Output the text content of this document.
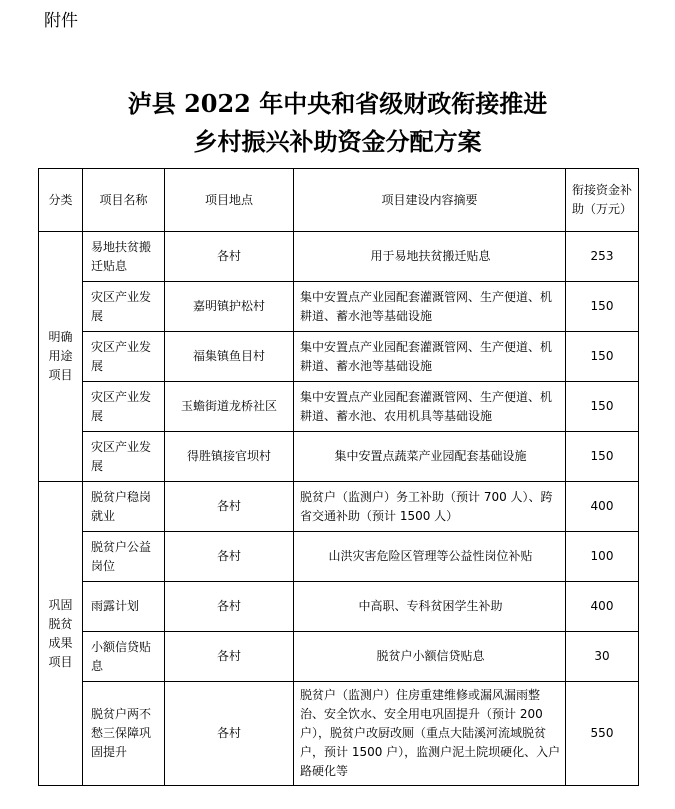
附件
泸县 2022 年中央和省级财政衔接推进
乡村振兴补助资金分配方案
分类	项目名称	项目地点	项目建设内容摘要	衔接资金补助（万元）
明确用途项目	易地扶贫搬迁贴息	各村	用于易地扶贫搬迁贴息	253
	灾区产业发展	嘉明镇护松村	集中安置点产业园配套灌溉管网、生产便道、机耕道、蓄水池等基础设施	150
	灾区产业发展	福集镇鱼目村	集中安置点产业园配套灌溉管网、生产便道、机耕道、蓄水池等基础设施	150
	灾区产业发展	玉蟾街道龙桥社区	集中安置点产业园配套灌溉管网、生产便道、机耕道、蓄水池、农用机具等基础设施	150
	灾区产业发展	得胜镇接官坝村	集中安置点蔬菜产业园配套基础设施	150
巩固脱贫成果项目	脱贫户稳岗就业	各村	脱贫户（监测户）务工补助（预计 700 人）、跨省交通补助（预计 1500 人）	400
	脱贫户公益岗位	各村	山洪灾害危险区管理等公益性岗位补贴	100
	雨露计划	各村	中高职、专科贫困学生补助	400
	小额信贷贴息	各村	脱贫户小额信贷贴息	30
	脱贫户两不愁三保障巩固提升	各村	脱贫户（监测户）住房重建维修或漏风漏雨整治、安全饮水、安全用电巩固提升（预计 200 户），脱贫户改厨改厕（重点大陆溪河流域脱贫户，预计 1500 户），监测户泥土院坝硬化、入户路硬化等	550
